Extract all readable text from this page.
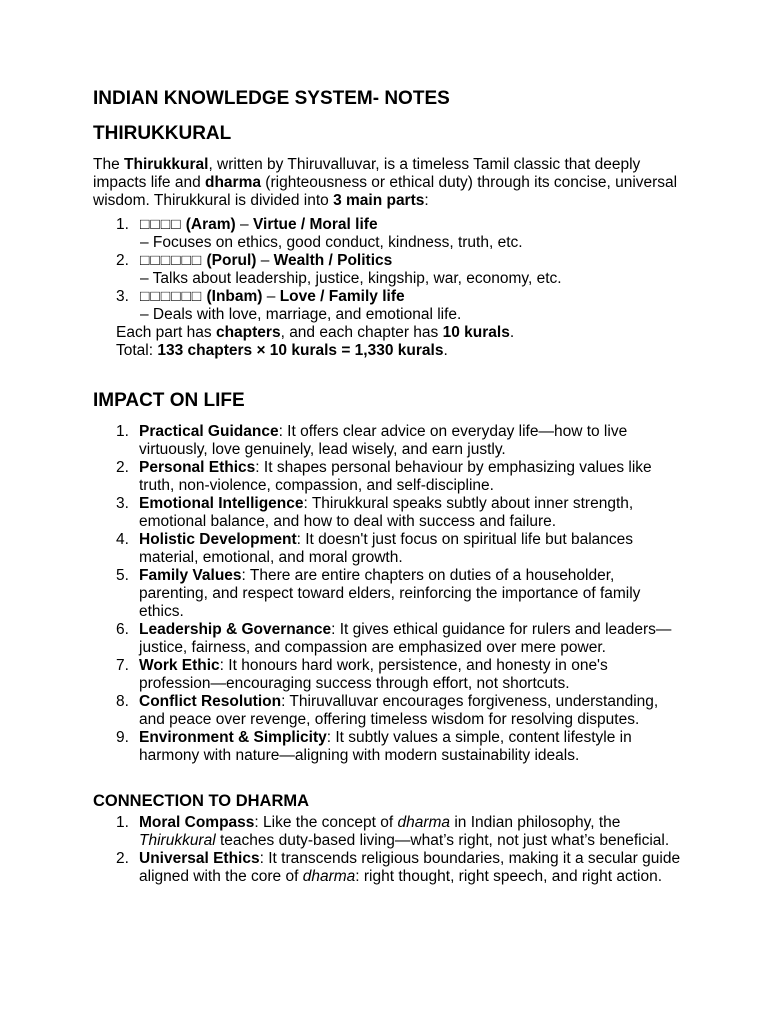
INDIAN KNOWLEDGE SYSTEM- NOTES
THIRUKKURAL

The Thirukkural, written by Thiruvalluvar, is a timeless Tamil classic that deeply impacts life and dharma (righteousness or ethical duty) through its concise, universal wisdom. Thirukkural is divided into 3 main parts:

1. □□□□ (Aram) – Virtue / Moral life
– Focuses on ethics, good conduct, kindness, truth, etc.
2. □□□□□□ (Porul) – Wealth / Politics
– Talks about leadership, justice, kingship, war, economy, etc.
3. □□□□□□ (Inbam) – Love / Family life
– Deals with love, marriage, and emotional life.

Each part has chapters, and each chapter has 10 kurals.

Total: 133 chapters × 10 kurals = 1,330 kurals.

IMPACT ON LIFE
1. Practical Guidance: It offers clear advice on everyday life—how to live virtuously, love genuinely, lead wisely, and earn justly.
2. Personal Ethics: It shapes personal behaviour by emphasizing values like truth, non-violence, compassion, and self-discipline.
3. Emotional Intelligence: Thirukkural speaks subtly about inner strength, emotional balance, and how to deal with success and failure.
4. Holistic Development: It doesn't just focus on spiritual life but balances material, emotional, and moral growth.
5. Family Values: There are entire chapters on duties of a householder, parenting, and respect toward elders, reinforcing the importance of family ethics.
6. Leadership & Governance: It gives ethical guidance for rulers and leaders—justice, fairness, and compassion are emphasized over mere power.
7. Work Ethic: It honours hard work, persistence, and honesty in one's profession—encouraging success through effort, not shortcuts.
8. Conflict Resolution: Thiruvalluvar encourages forgiveness, understanding, and peace over revenge, offering timeless wisdom for resolving disputes.
9. Environment & Simplicity: It subtly values a simple, content lifestyle in harmony with nature—aligning with modern sustainability ideals.
CONNECTION TO DHARMA
1. Moral Compass: Like the concept of dharma in Indian philosophy, the Thirukkural teaches duty-based living—what’s right, not just what’s beneficial.
2. Universal Ethics: It transcends religious boundaries, making it a secular guide aligned with the core of dharma: right thought, right speech, and right action.
